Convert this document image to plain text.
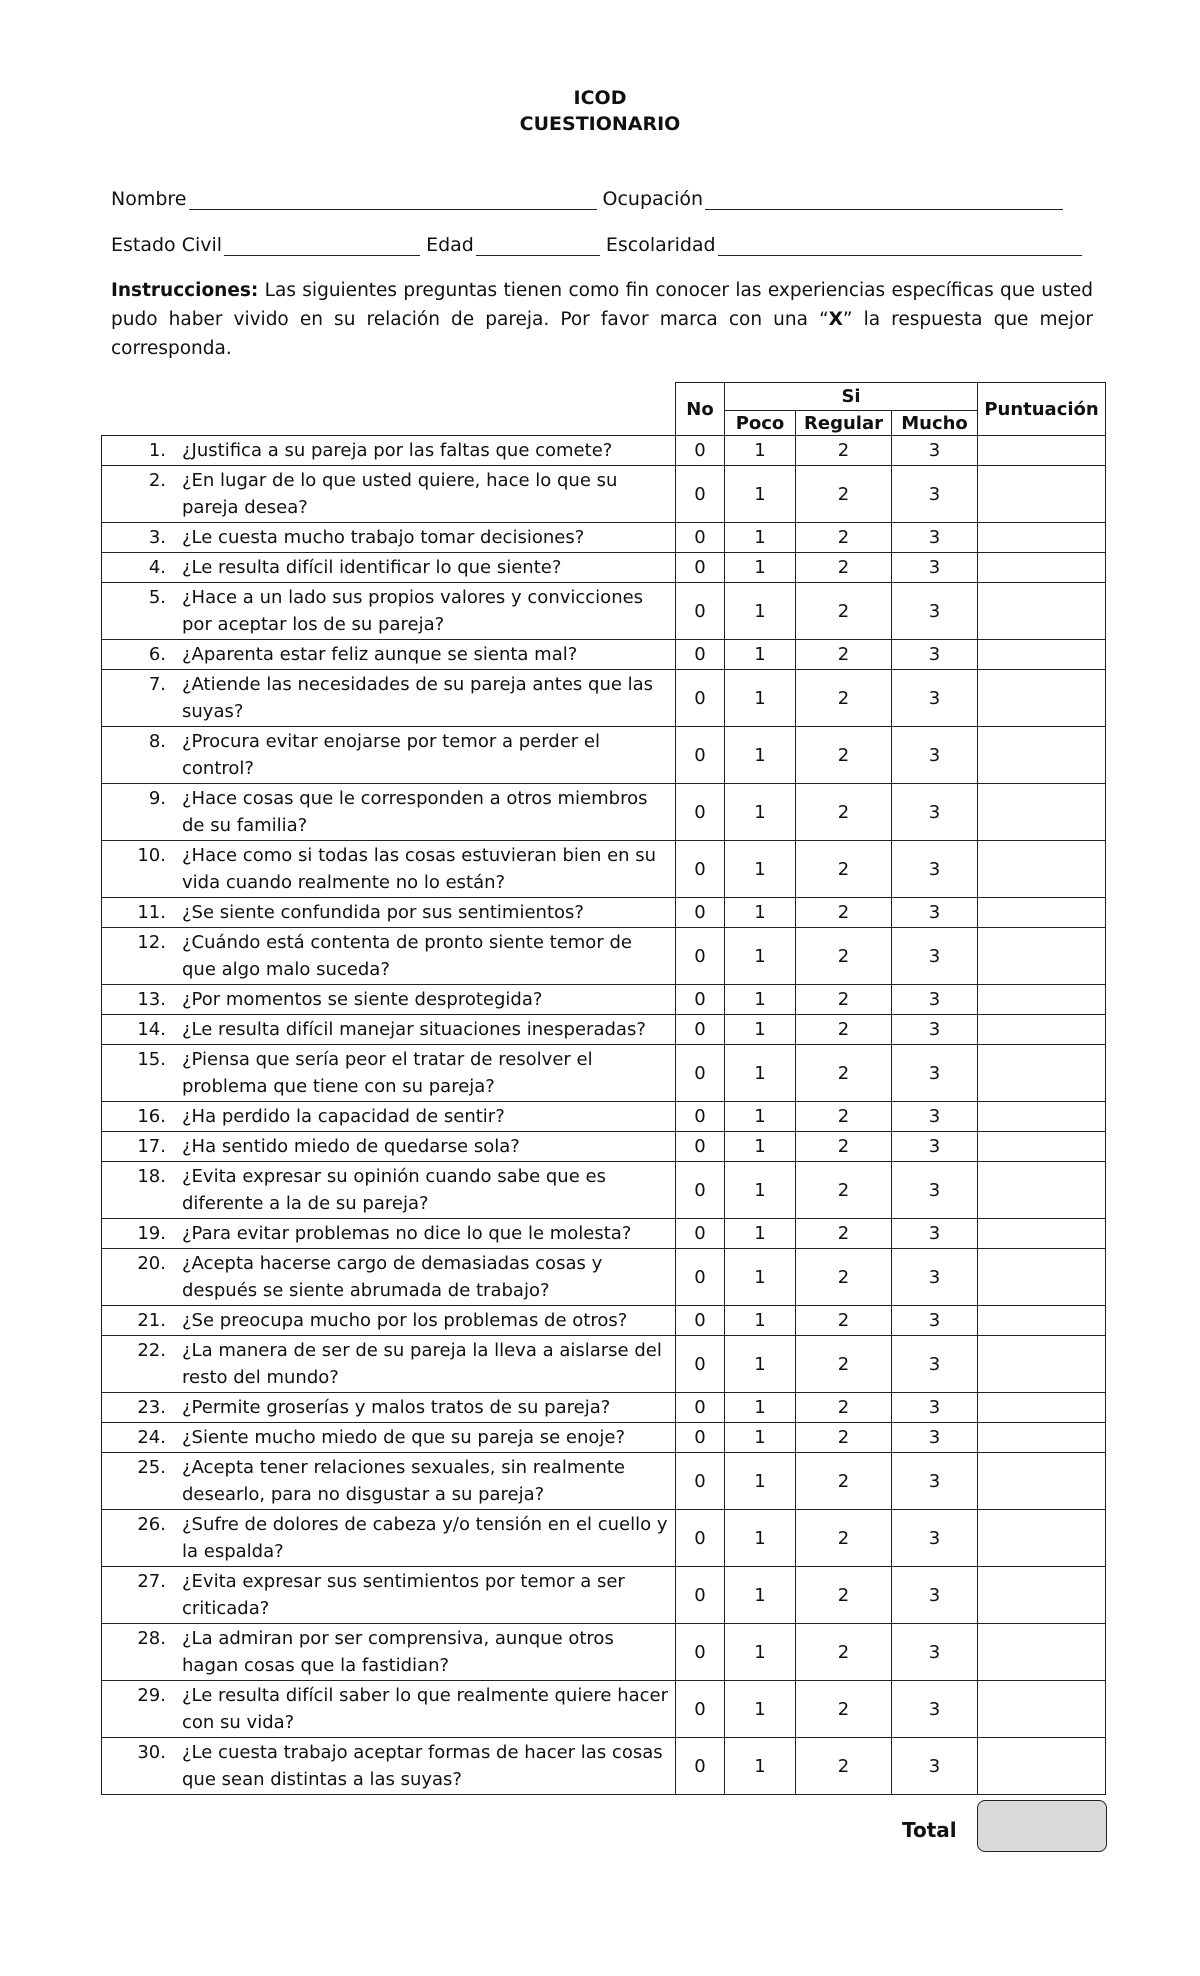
ICOD
CUESTIONARIO
Nombre	Ocupación
Estado Civil	Edad	Escolaridad
Instrucciones: Las siguientes preguntas tienen como fin conocer las experiencias específicas que usted pudo haber vivido en su relación de pareja. Por favor marca con una “X” la respuesta que mejor corresponda.
	No	Si			Puntuación
		Poco	Regular	Mucho	

1. ¿Justifica a su pareja por las faltas que comete?	0	1	2	3	

2. ¿En lugar de lo que usted quiere, hace lo que su pareja desea?	0	1	2	3	

3. ¿Le cuesta mucho trabajo tomar decisiones?	0	1	2	3	

4. ¿Le resulta difícil identificar lo que siente?	0	1	2	3	

5. ¿Hace a un lado sus propios valores y convicciones por aceptar los de su pareja?	0	1	2	3	

6. ¿Aparenta estar feliz aunque se sienta mal?	0	1	2	3	

7. ¿Atiende las necesidades de su pareja antes que las suyas?	0	1	2	3	

8. ¿Procura evitar enojarse por temor a perder el control?	0	1	2	3	

9. ¿Hace cosas que le corresponden a otros miembros de su familia?	0	1	2	3	

10. ¿Hace como si todas las cosas estuvieran bien en su vida cuando realmente no lo están?	0	1	2	3	

11. ¿Se siente confundida por sus sentimientos?	0	1	2	3	

12. ¿Cuándo está contenta de pronto siente temor de que algo malo suceda?	0	1	2	3	

13. ¿Por momentos se siente desprotegida?	0	1	2	3	

14. ¿Le resulta difícil manejar situaciones inesperadas?	0	1	2	3	

15. ¿Piensa que sería peor el tratar de resolver el problema que tiene con su pareja?	0	1	2	3	

16. ¿Ha perdido la capacidad de sentir?	0	1	2	3	

17. ¿Ha sentido miedo de quedarse sola?	0	1	2	3	

18. ¿Evita expresar su opinión cuando sabe que es diferente a la de su pareja?	0	1	2	3	

19. ¿Para evitar problemas no dice lo que le molesta?	0	1	2	3	

20. ¿Acepta hacerse cargo de demasiadas cosas y después se siente abrumada de trabajo?	0	1	2	3	

21. ¿Se preocupa mucho por los problemas de otros?	0	1	2	3	

22. ¿La manera de ser de su pareja la lleva a aislarse del resto del mundo?	0	1	2	3	

23. ¿Permite groserías y malos tratos de su pareja?	0	1	2	3	

24. ¿Siente mucho miedo de que su pareja se enoje?	0	1	2	3	

25. ¿Acepta tener relaciones sexuales, sin realmente desearlo, para no disgustar a su pareja?	0	1	2	3	

26. ¿Sufre de dolores de cabeza y/o tensión en el cuello y la espalda?	0	1	2	3	

27. ¿Evita expresar sus sentimientos por temor a ser criticada?	0	1	2	3	

28. ¿La admiran por ser comprensiva, aunque otros hagan cosas que la fastidian?	0	1	2	3	

29. ¿Le resulta difícil saber lo que realmente quiere hacer con su vida?	0	1	2	3	

30. ¿Le cuesta trabajo aceptar formas de hacer las cosas que sean distintas a las suyas?	0	1	2	3	
Total
